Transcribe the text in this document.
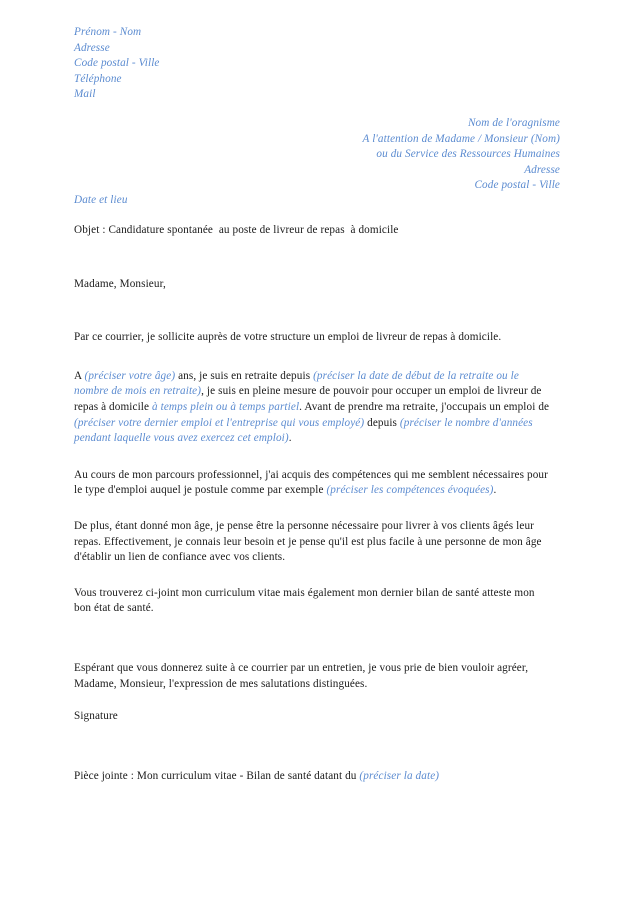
Prénom - Nom
Adresse
Code postal - Ville
Téléphone
Mail
Nom de l'oragnisme
A l'attention de Madame / Monsieur (Nom)
ou du Service des Ressources Humaines
Adresse
Code postal - Ville
Date et lieu

Objet : Candidature spontanée  au poste de livreur de repas  à domicile

Madame, Monsieur,

Par ce courrier, je sollicite auprès de votre structure un emploi de livreur de repas à domicile.

A (préciser votre âge) ans, je suis en retraite depuis (préciser la date de début de la retraite ou le nombre de mois en retraite), je suis en pleine mesure de pouvoir pour occuper un emploi de livreur de repas à domicile à temps plein ou à temps partiel. Avant de prendre ma retraite, j'occupais un emploi de (préciser votre dernier emploi et l'entreprise qui vous employé) depuis (préciser le nombre d'années pendant laquelle vous avez exercez cet emploi).

Au cours de mon parcours professionnel, j'ai acquis des compétences qui me semblent nécessaires pour le type d'emploi auquel je postule comme par exemple (préciser les compétences évoquées).

De plus, étant donné mon âge, je pense être la personne nécessaire pour livrer à vos clients âgés leur repas. Effectivement, je connais leur besoin et je pense qu'il est plus facile à une personne de mon âge d'établir un lien de confiance avec vos clients.

Vous trouverez ci-joint mon curriculum vitae mais également mon dernier bilan de santé atteste mon bon état de santé.

Espérant que vous donnerez suite à ce courrier par un entretien, je vous prie de bien vouloir agréer, Madame, Monsieur, l'expression de mes salutations distinguées.

Signature
Pièce jointe : Mon curriculum vitae - Bilan de santé datant du (préciser la date)
